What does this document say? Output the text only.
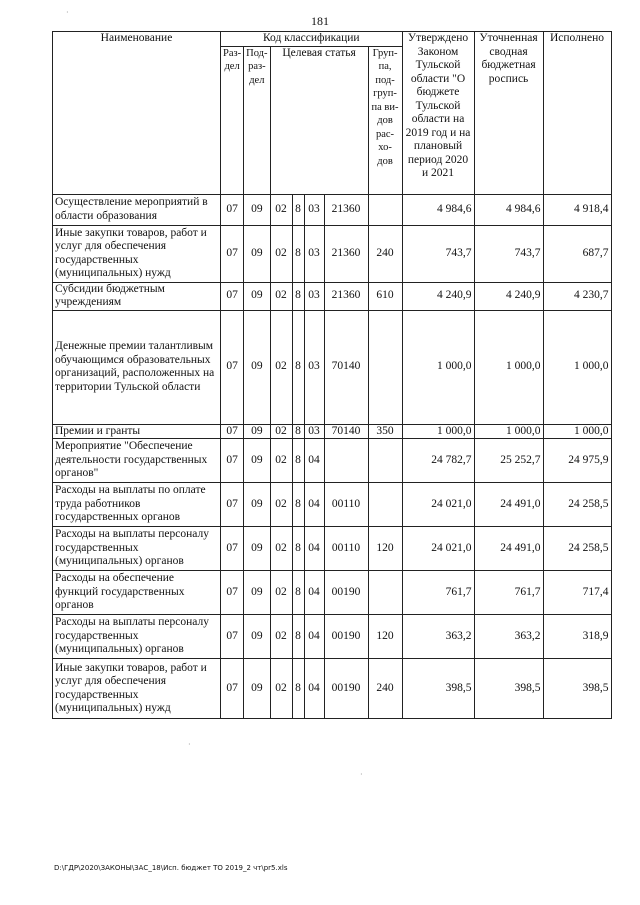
181
Наименование	Код классификации							Утверждено Законом Тульской области "О бюджете Тульской области на 2019 год и на плановый период 2020 и 2021	Уточненная сводная бюджетная роспись	Исполнено
	Раз-дел	Под-раз-дел	Целевая статья				Груп-па, под-груп-па ви-дов рас-хо-дов			
Осуществление мероприятий в области образования	07	09	02	8	03	21360		4 984,6	4 984,6	4 918,4
Иные закупки товаров, работ и услуг для обеспечения государственных (муниципальных) нужд	07	09	02	8	03	21360	240	743,7	743,7	687,7
Субсидии бюджетным учреждениям	07	09	02	8	03	21360	610	4 240,9	4 240,9	4 230,7
Денежные премии талантливым обучающимся образовательных организаций, расположенных на территории Тульской области	07	09	02	8	03	70140		1 000,0	1 000,0	1 000,0
Премии и гранты	07	09	02	8	03	70140	350	1 000,0	1 000,0	1 000,0
Мероприятие "Обеспечение деятельности государственных органов"	07	09	02	8	04			24 782,7	25 252,7	24 975,9
Расходы на выплаты по оплате труда работников государственных органов	07	09	02	8	04	00110		24 021,0	24 491,0	24 258,5
Расходы на выплаты персоналу государственных (муниципальных) органов	07	09	02	8	04	00110	120	24 021,0	24 491,0	24 258,5
Расходы на обеспечение функций государственных органов	07	09	02	8	04	00190		761,7	761,7	717,4
Расходы на выплаты персоналу государственных (муниципальных) органов	07	09	02	8	04	00190	120	363,2	363,2	318,9
Иные закупки товаров, работ и услуг для обеспечения государственных (муниципальных) нужд	07	09	02	8	04	00190	240	398,5	398,5	398,5
·
·
·
D:\ГДР\2020\ЗАКОНЫ\ЗАС_18\Исп. бюджет ТО 2019_2 чт\pr5.xls
